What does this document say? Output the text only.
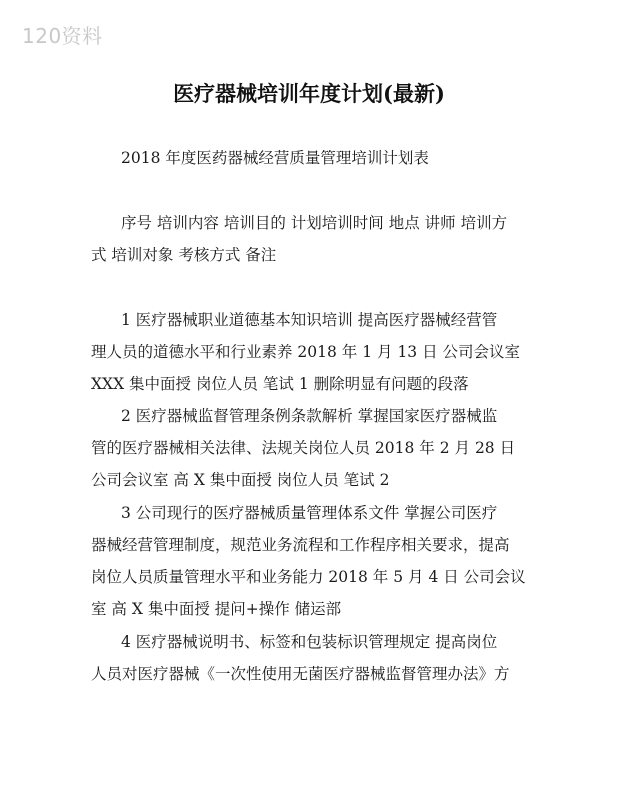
120资料
医疗器械培训年度计划(最新)
2018 年度医药器械经营质量管理培训计划表
序号 培训内容 培训目的 计划培训时间 地点 讲师 培训方
式 培训对象 考核方式 备注
1 医疗器械职业道德基本知识培训 提高医疗器械经营管
理人员的道德水平和行业素养 2018 年 1 月 13 日 公司会议室
XXX 集中面授 岗位人员 笔试 1 删除明显有问题的段落
2 医疗器械监督管理条例条款解析 掌握国家医疗器械监
管的医疗器械相关法律、法规关岗位人员 2018 年 2 月 28 日
公司会议室 高 X 集中面授 岗位人员 笔试 2
3 公司现行的医疗器械质量管理体系文件 掌握公司医疗
器械经营管理制度，规范业务流程和工作程序相关要求，提高
岗位人员质量管理水平和业务能力 2018 年 5 月 4 日 公司会议
室 高 X 集中面授 提问+操作 储运部
4 医疗器械说明书、标签和包装标识管理规定 提高岗位
人员对医疗器械《一次性使用无菌医疗器械监督管理办法》方
